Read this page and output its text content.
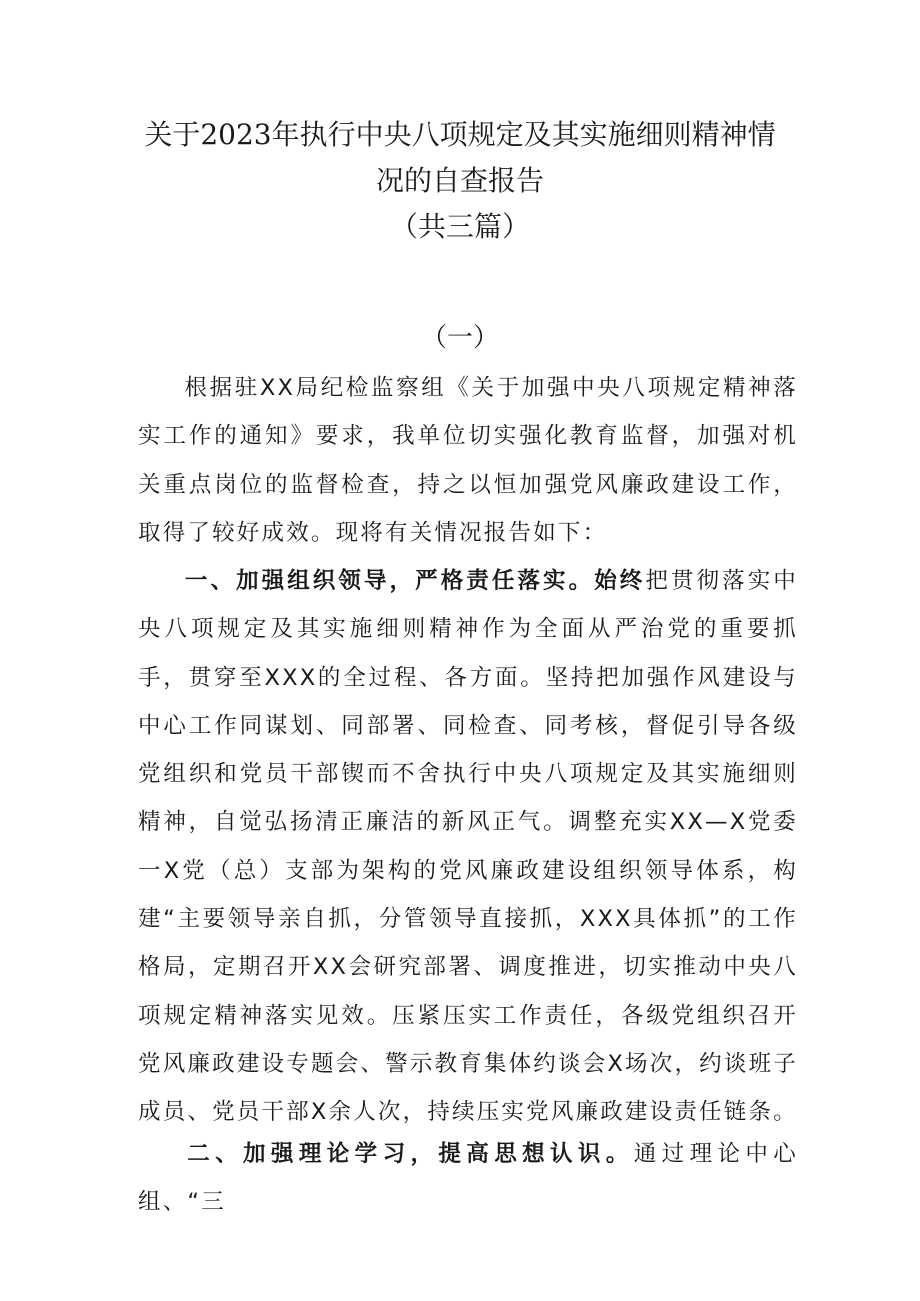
关于2023年执行中央八项规定及其实施细则精神情
况的自查报告
（共三篇）
（一）

根据驻XX局纪检监察组《关于加强中央八项规定精神落实工作的通知》要求，我单位切实强化教育监督，加强对机关重点岗位的监督检查，持之以恒加强党风廉政建设工作，取得了较好成效。现将有关情况报告如下：

一、加强组织领导，严格责任落实。始终把贯彻落实中央八项规定及其实施细则精神作为全面从严治党的重要抓手，贯穿至XXX的全过程、各方面。坚持把加强作风建设与中心工作同谋划、同部署、同检查、同考核，督促引导各级党组织和党员干部锲而不舍执行中央八项规定及其实施细则精神，自觉弘扬清正廉洁的新风正气。调整充实XX—X党委一X党（总）支部为架构的党风廉政建设组织领导体系，构建“主要领导亲自抓，分管领导直接抓，XXX具体抓”的工作格局，定期召开XX会研究部署、调度推进，切实推动中央八项规定精神落实见效。压紧压实工作责任，各级党组织召开党风廉政建设专题会、警示教育集体约谈会X场次，约谈班子成员、党员干部X余人次，持续压实党风廉政建设责任链条。

二、加强理论学习，提高思想认识。通过理论中心组、“三
